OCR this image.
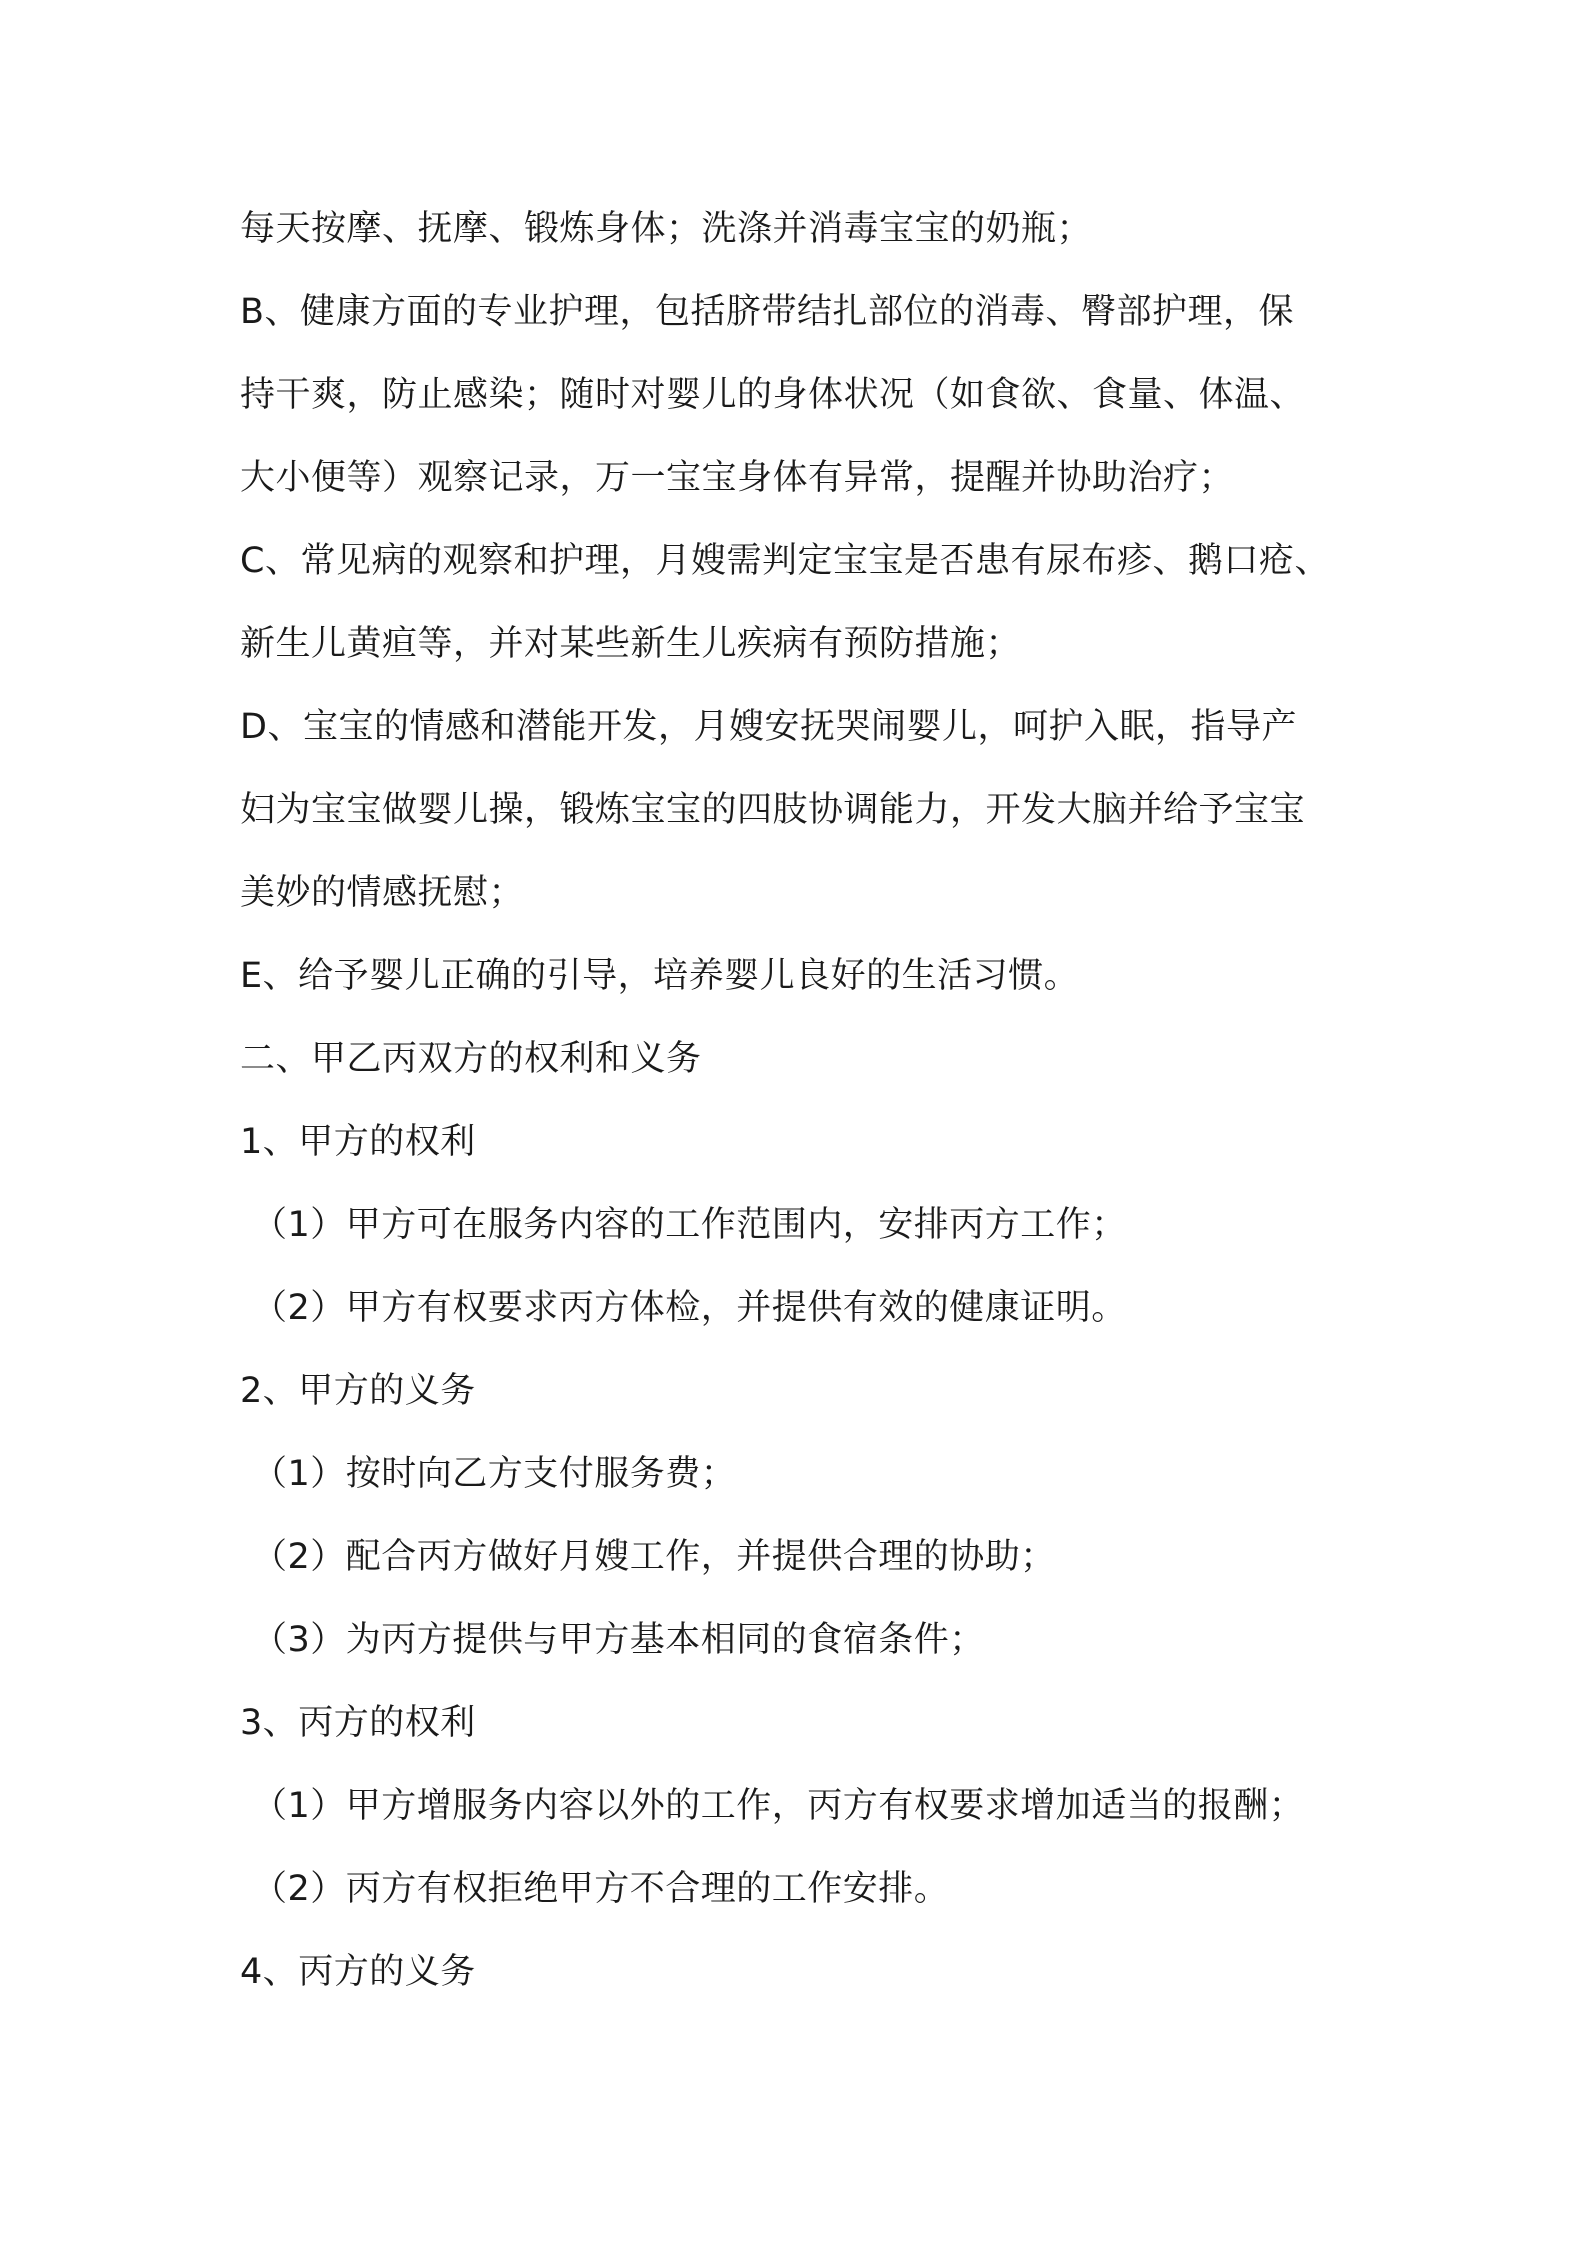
每天按摩、抚摩、锻炼身体；洗涤并消毒宝宝的奶瓶；
B、健康方面的专业护理，包括脐带结扎部位的消毒、臀部护理，保
持干爽，防止感染；随时对婴儿的身体状况（如食欲、食量、体温、
大小便等）观察记录，万一宝宝身体有异常，提醒并协助治疗；
C、常见病的观察和护理，月嫂需判定宝宝是否患有尿布疹、鹅口疮、
新生儿黄疸等，并对某些新生儿疾病有预防措施；
D、宝宝的情感和潜能开发，月嫂安抚哭闹婴儿，呵护入眠，指导产
妇为宝宝做婴儿操，锻炼宝宝的四肢协调能力，开发大脑并给予宝宝
美妙的情感抚慰；
E、给予婴儿正确的引导，培养婴儿良好的生活习惯。
二、甲乙丙双方的权利和义务
1、甲方的权利
（1）甲方可在服务内容的工作范围内，安排丙方工作；
（2）甲方有权要求丙方体检，并提供有效的健康证明。
2、甲方的义务
（1）按时向乙方支付服务费；
（2）配合丙方做好月嫂工作，并提供合理的协助；
（3）为丙方提供与甲方基本相同的食宿条件；
3、丙方的权利
（1）甲方增服务内容以外的工作，丙方有权要求增加适当的报酬；
（2）丙方有权拒绝甲方不合理的工作安排。
4、丙方的义务
